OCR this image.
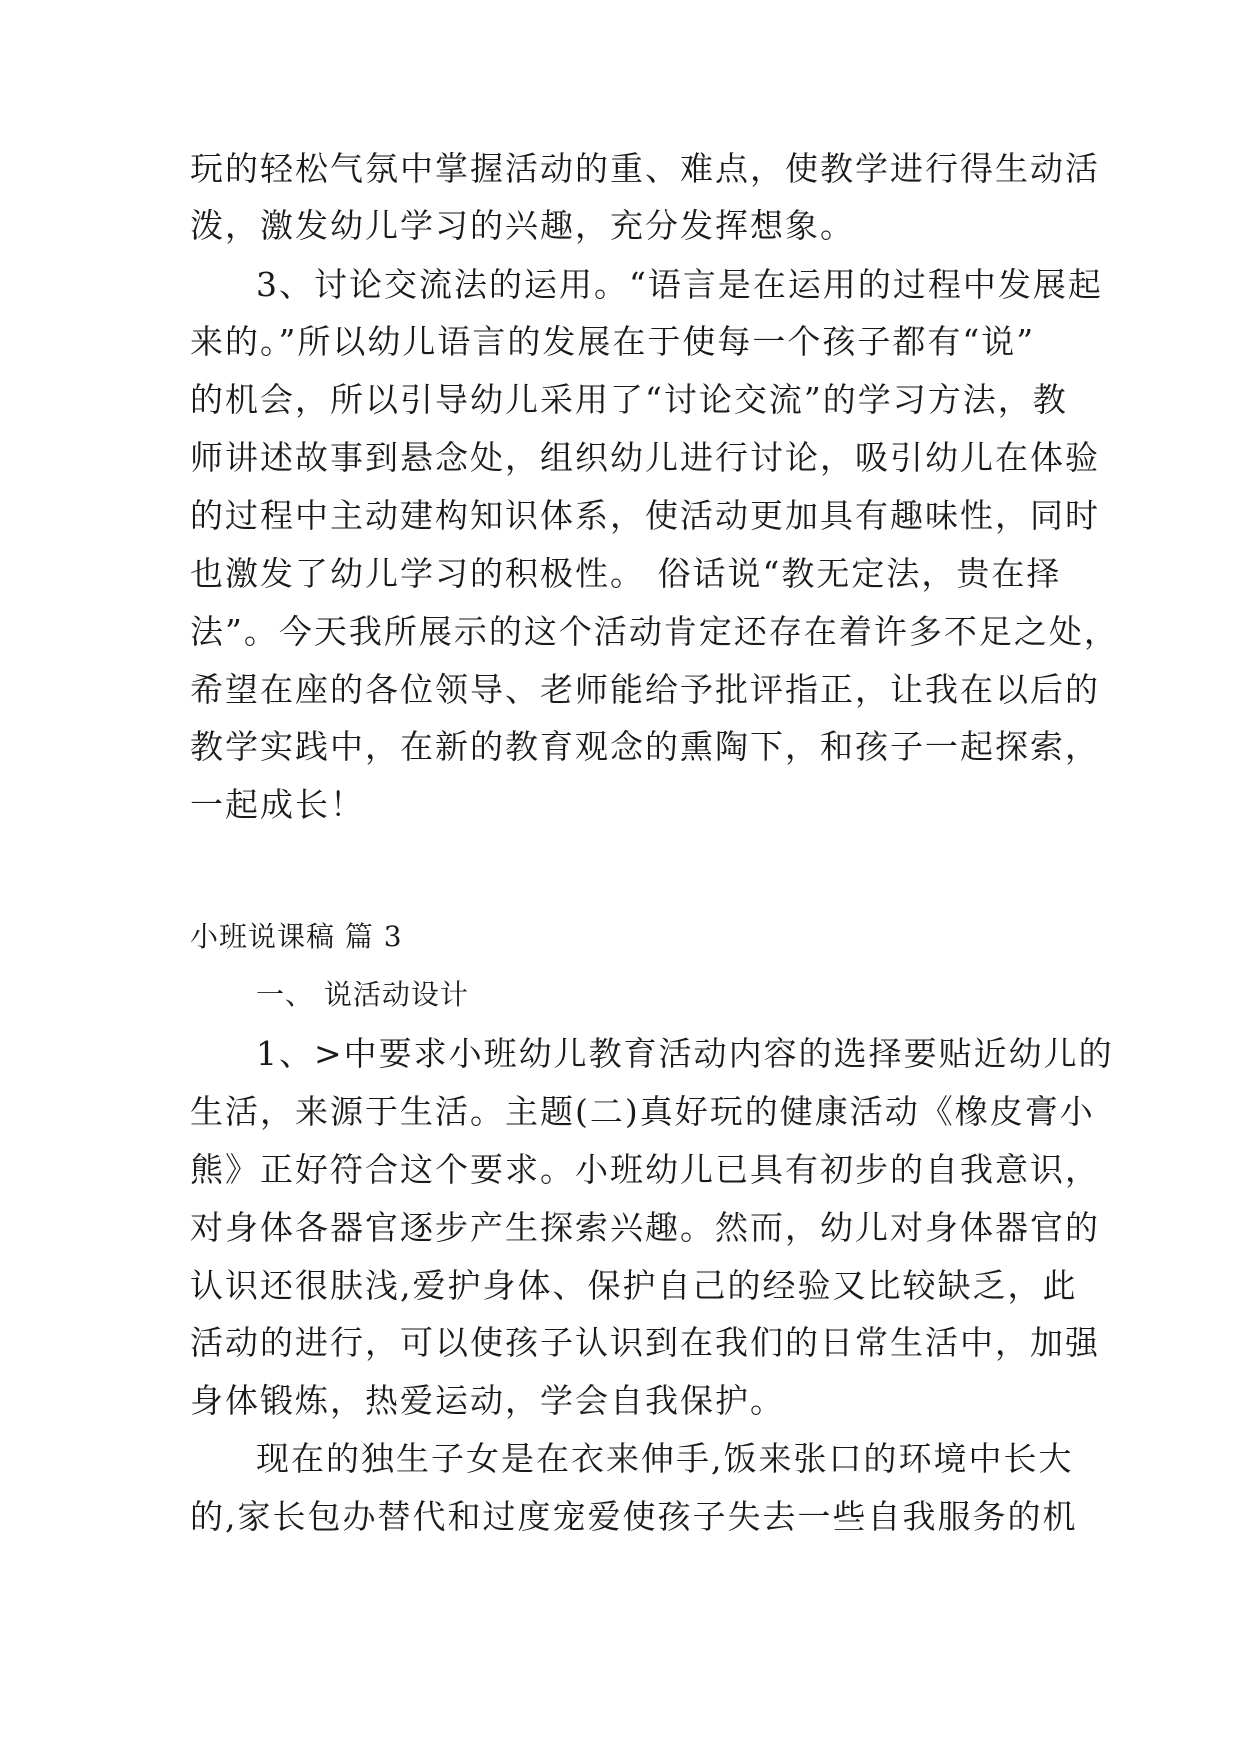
玩的轻松气氛中掌握活动的重、难点，使教学进行得生动活
泼，激发幼儿学习的兴趣，充分发挥想象。
3、讨论交流法的运用。“语言是在运用的过程中发展起
来的。”所以幼儿语言的发展在于使每一个孩子都有“说”
的机会，所以引导幼儿采用了“讨论交流”的学习方法，教
师讲述故事到悬念处，组织幼儿进行讨论，吸引幼儿在体验
的过程中主动建构知识体系，使活动更加具有趣味性，同时
也激发了幼儿学习的积极性。 俗话说“教无定法，贵在择
法”。今天我所展示的这个活动肯定还存在着许多不足之处，
希望在座的各位领导、老师能给予批评指正，让我在以后的
教学实践中，在新的教育观念的熏陶下，和孩子一起探索，
一起成长！
小班说课稿 篇 3
一、 说活动设计
1、>中要求小班幼儿教育活动内容的选择要贴近幼儿的
生活，来源于生活。主题(二)真好玩的健康活动《橡皮膏小
熊》正好符合这个要求。小班幼儿已具有初步的自我意识，
对身体各器官逐步产生探索兴趣。然而，幼儿对身体器官的
认识还很肤浅,爱护身体、保护自己的经验又比较缺乏，此
活动的进行，可以使孩子认识到在我们的日常生活中，加强
身体锻炼，热爱运动，学会自我保护。
现在的独生子女是在衣来伸手,饭来张口的环境中长大
的,家长包办替代和过度宠爱使孩子失去一些自我服务的机
